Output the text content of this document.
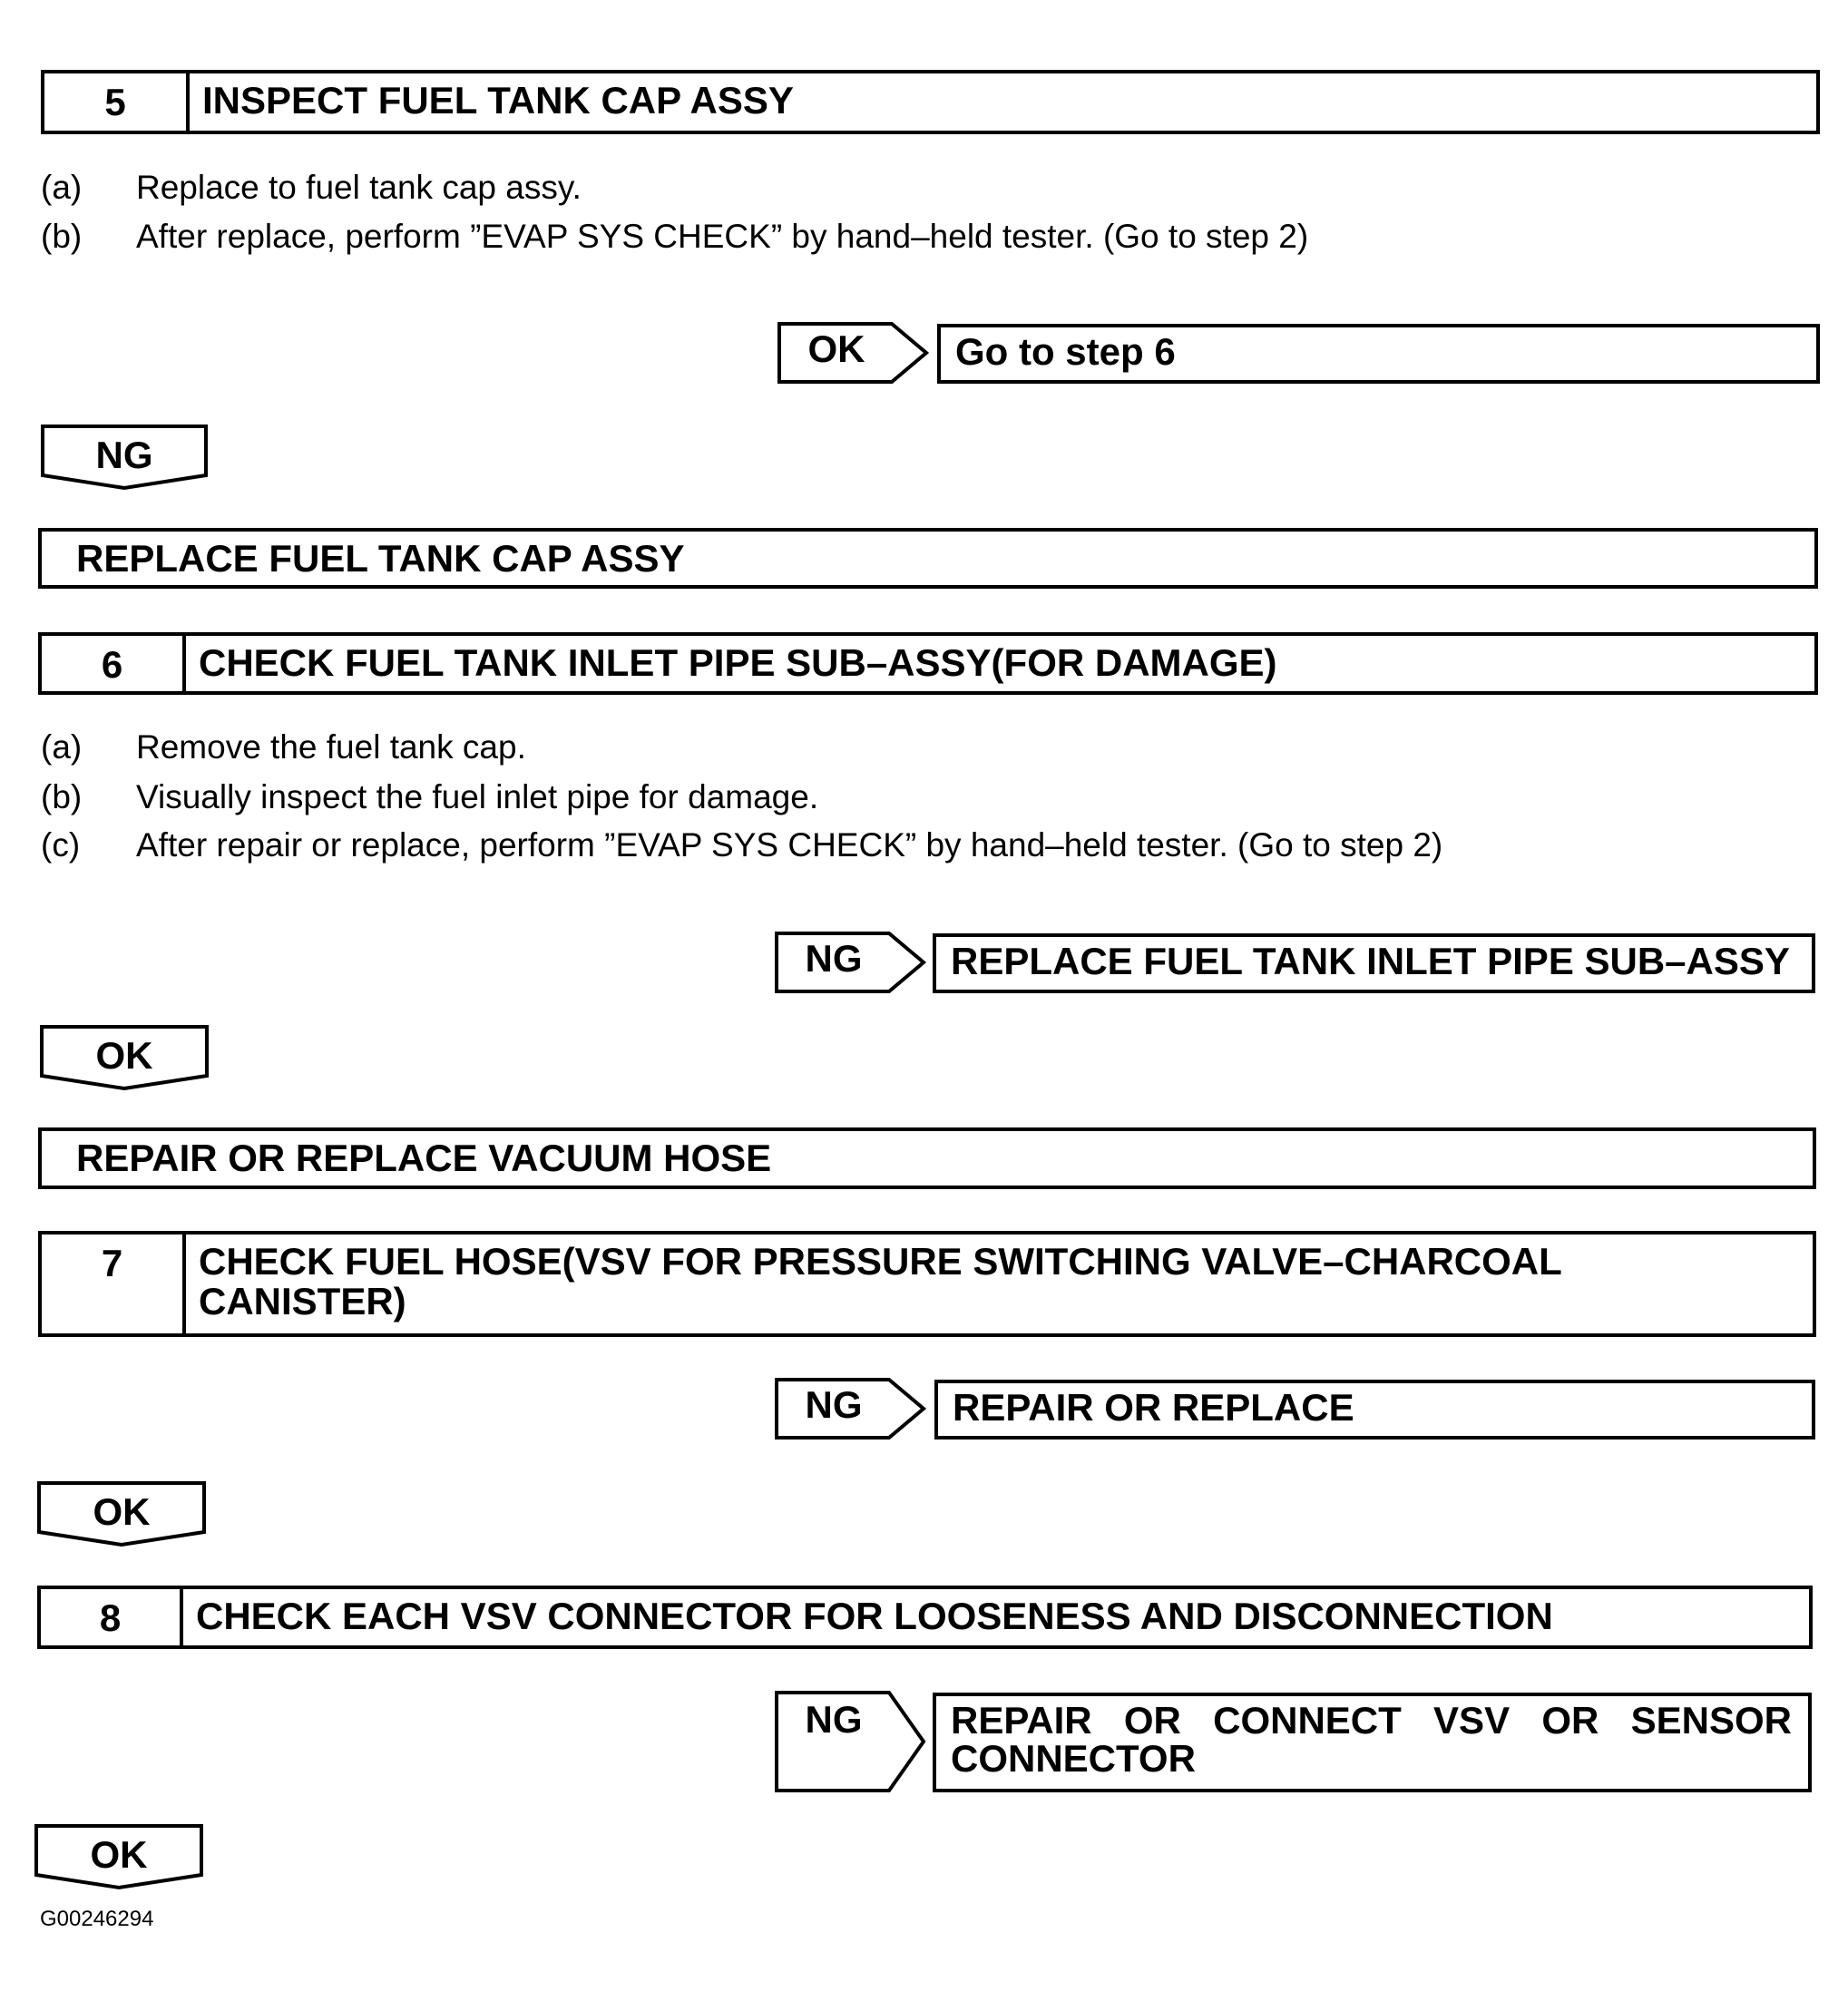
5	INSPECT FUEL TANK CAP ASSY
(a) Replace to fuel tank cap assy.
(b) After replace, perform ”EVAP SYS CHECK” by hand–held tester. (Go to step 2)
OK	Go to step 6
NG
REPLACE FUEL TANK CAP ASSY
6	CHECK FUEL TANK INLET PIPE SUB–ASSY(FOR DAMAGE)
(a) Remove the fuel tank cap.
(b) Visually inspect the fuel inlet pipe for damage.
(c) After repair or replace, perform ”EVAP SYS CHECK” by hand–held tester. (Go to step 2)
NG	REPLACE FUEL TANK INLET PIPE SUB–ASSY
OK
REPAIR OR REPLACE VACUUM HOSE
7	CHECK FUEL HOSE(VSV FOR PRESSURE SWITCHING VALVE–CHARCOAL
CANISTER)
NG	REPAIR OR REPLACE
OK
8	CHECK EACH VSV CONNECTOR FOR LOOSENESS AND DISCONNECTION
NG	REPAIR OR CONNECT VSV OR SENSOR
CONNECTOR
OK
G00246294
